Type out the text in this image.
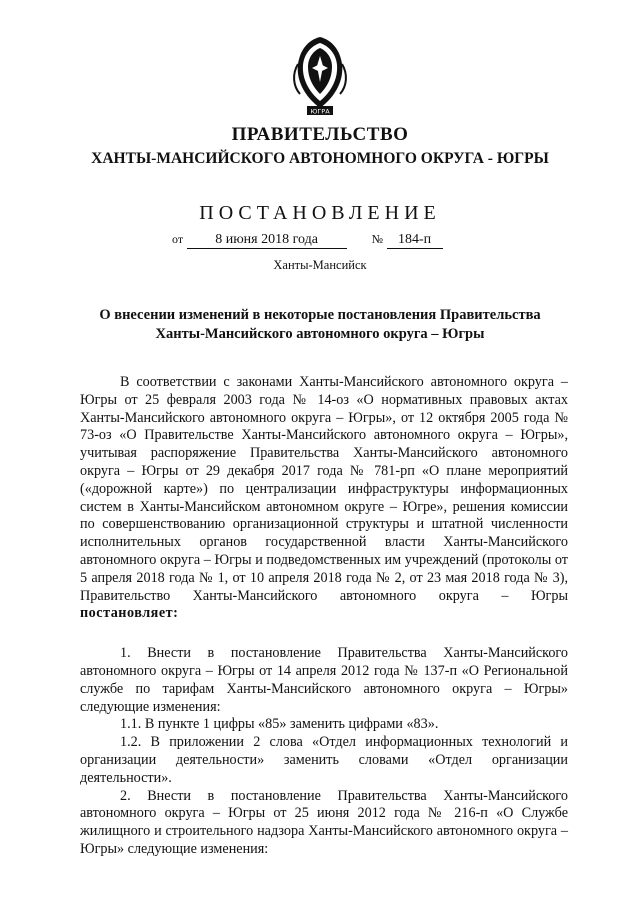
ЮГРА
ПРАВИТЕЛЬСТВО
ХАНТЫ-МАНСИЙСКОГО АВТОНОМНОГО ОКРУГА - ЮГРЫ
ПОСТАНОВЛЕНИЕ
от 8 июня 2018 года	№ 184-п
Ханты-Мансийск
О внесении изменений в некоторые постановления Правительства
Ханты-Мансийского автономного округа – Югры

В соответствии с законами Ханты-Мансийского автономного округа – Югры от 25 февраля 2003 года № 14-оз «О нормативных правовых актах Ханты-Мансийского автономного округа – Югры», от 12 октября 2005 года № 73-оз «О Правительстве Ханты-Мансийского автономного округа – Югры», учитывая распоряжение Правительства Ханты-Мансийского автономного округа – Югры от 29 декабря 2017 года № 781-рп «О плане мероприятий («дорожной карте») по централизации инфраструктуры информационных систем в Ханты-Мансийском автономном округе – Югре», решения комиссии по совершенствованию организационной структуры и штатной численности исполнительных органов государственной власти Ханты-Мансийского автономного округа – Югры и подведомственных им учреждений (протоколы от 5 апреля 2018 года № 1, от 10 апреля 2018 года № 2, от 23 мая 2018 года № 3), Правительство Ханты-Мансийского автономного округа – Югры постановляет:

1. Внести в постановление Правительства Ханты-Мансийского автономного округа – Югры от 14 апреля 2012 года № 137-п «О Региональной службе по тарифам Ханты-Мансийского автономного округа – Югры» следующие изменения:

1.1. В пункте 1 цифры «85» заменить цифрами «83».

1.2. В приложении 2 слова «Отдел информационных технологий и организации деятельности» заменить словами «Отдел организации деятельности».

2. Внести в постановление Правительства Ханты-Мансийского автономного округа – Югры от 25 июня 2012 года № 216-п «О Службе жилищного и строительного надзора Ханты-Мансийского автономного округа – Югры» следующие изменения:
